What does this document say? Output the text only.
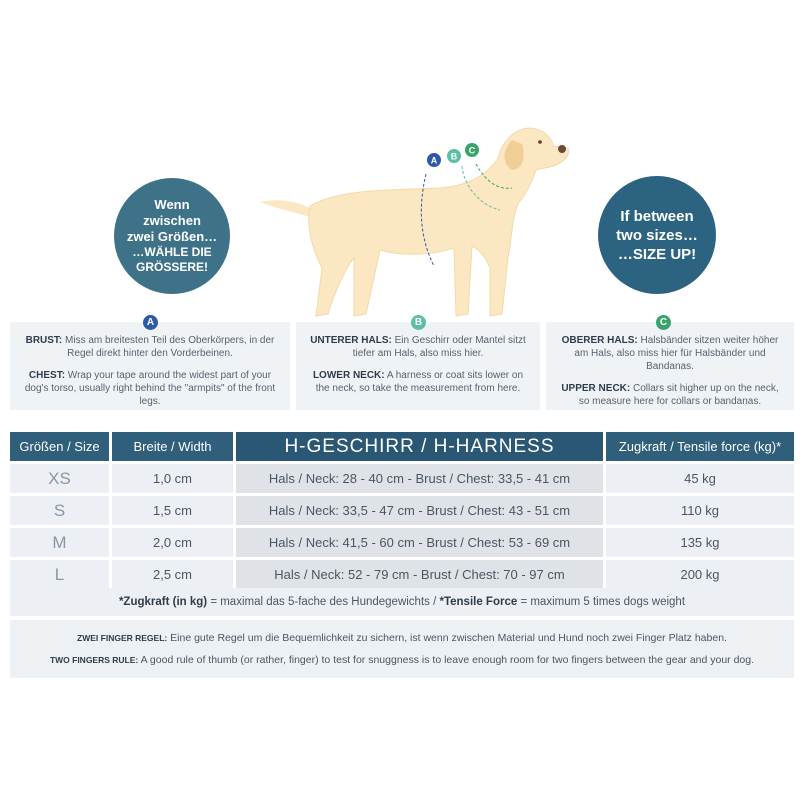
Wenn
zwischen
zwei Größen…
…WÄHLE DIE
GRÖSSERE!
A B
C
If between
two sizes…
…SIZE UP!

BRUST: Miss am breitesten Teil des Oberkörpers, in der Regel direkt hinter den Vorderbeinen.

CHEST: Wrap your tape around the widest part of your dog's torso, usually right behind the "armpits" of the front legs.

UNTERER HALS: Ein Geschirr oder Mantel sitzt tiefer am Hals, also miss hier.

LOWER NECK: A harness or coat sits lower on the neck, so take the measurement from here.

OBERER HALS: Halsbänder sitzen weiter höher am Hals, also miss hier für Halsbänder und Bandanas.

UPPER NECK: Collars sit higher up on the neck, so measure here for collars or bandanas.

A	B	C
Größen / Size	Breite / Width	H-GESCHIRR / H-HARNESS	Zugkraft / Tensile force (kg)*
XS	1,0 cm	Hals / Neck: 28 - 40 cm - Brust / Chest: 33,5 - 41 cm	45 kg
S	1,5 cm	Hals / Neck: 33,5 - 47 cm - Brust / Chest: 43 - 51 cm	110 kg
M	2,0 cm	Hals / Neck: 41,5 - 60 cm - Brust / Chest: 53 - 69 cm	135 kg
L	2,5 cm	Hals / Neck: 52 - 79 cm - Brust / Chest: 70 - 97 cm	200 kg
*Zugkraft (in kg) = maximal das 5-fache des Hundegewichts / *Tensile Force = maximum 5 times dogs weight

ZWEI FINGER REGEL: Eine gute Regel um die Bequemlichkeit zu sichern, ist wenn zwischen Material und Hund noch zwei Finger Platz haben.

TWO FINGERS RULE: A good rule of thumb (or rather, finger) to test for snuggness is to leave enough room for two fingers between the gear and your dog.
